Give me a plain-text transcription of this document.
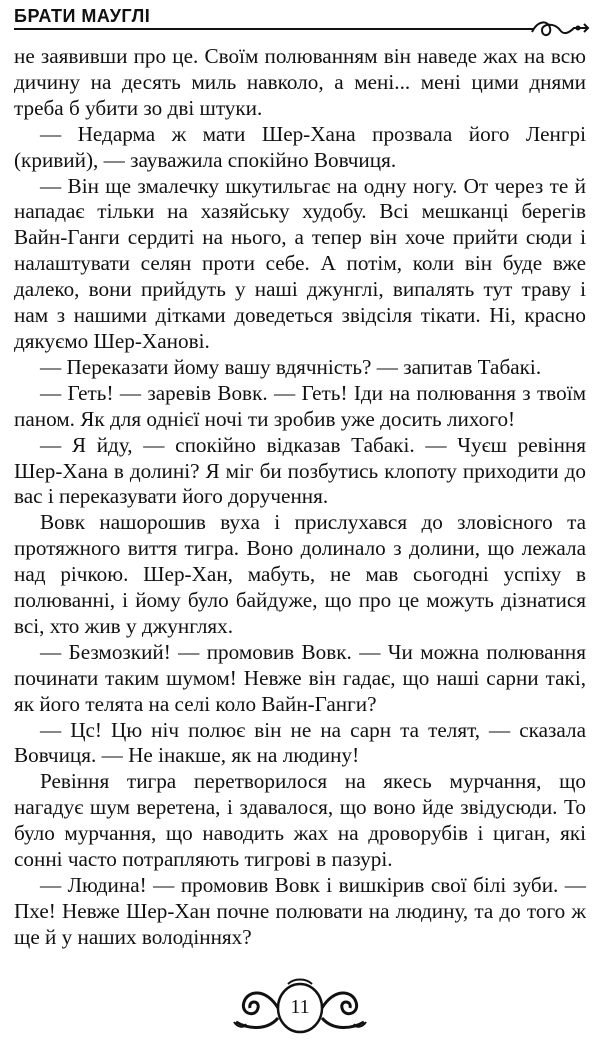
БРАТИ МАУГЛІ

не заявивши про це. Своїм полюванням він наведе жах на всю дичину на десять миль навколо, а мені... мені цими днями треба б убити зо дві штуки.

— Недарма ж мати Шер-Хана прозвала його Ленгрі (кривий), — зауважила спокійно Вовчиця.

— Він ще змалечку шкутильгає на одну ногу. От через те й нападає тільки на хазяйську худобу. Всі мешканці берегів Вайн-Ганги сердиті на нього, а тепер він хоче прийти сюди і налаштувати селян проти себе. А потім, коли він буде вже далеко, вони прийдуть у наші джунглі, випалять тут траву і нам з нашими дітками доведеться звідсіля тікати. Ні, красно дякуємо Шер-Ханові.

— Переказати йому вашу вдячність? — запитав Табакі.

— Геть! — заревів Вовк. — Геть! Іди на полювання з твоїм паном. Як для однієї ночі ти зробив уже досить лихого!

— Я йду, — спокійно відказав Табакі. — Чуєш ревіння Шер-Хана в долині? Я міг би позбутись клопоту приходити до вас і переказувати його доручення.

Вовк нашорошив вуха і прислухався до зловісного та протяжного виття тигра. Воно долинало з долини, що лежала над річкою. Шер-Хан, мабуть, не мав сьогодні успіху в полюванні, і йому було байдуже, що про це можуть дізнатися всі, хто жив у джунглях.

— Безмозкий! — промовив Вовк. — Чи можна полювання починати таким шумом! Невже він гадає, що наші сарни такі, як його телята на селі коло Вайн-Ганги?

— Цс! Цю ніч полює він не на сарн та телят, — сказала Вовчиця. — Не інакше, як на людину!

Ревіння тигра перетворилося на якесь мурчання, що нагадує шум веретена, і здавалося, що воно йде звідусюди. То було мурчання, що наводить жах на дроворубів і циган, які сонні часто потрапляють тигрові в пазурі.

— Людина! — промовив Вовк і вишкірив свої білі зуби. — Пхе! Невже Шер-Хан почне полювати на людину, та до того ж ще й у наших володіннях?

11
